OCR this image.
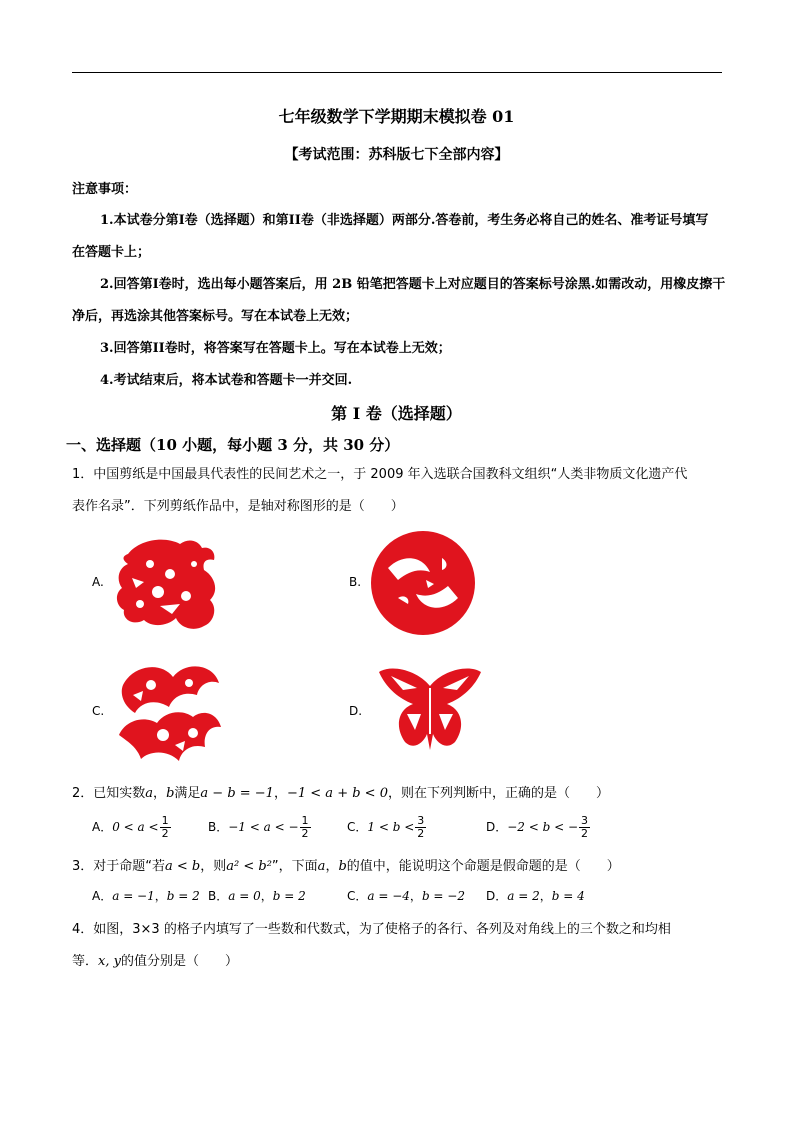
七年级数学下学期期末模拟卷 01
【考试范围：苏科版七下全部内容】
注意事项：
1.本试卷分第I卷（选择题）和第II卷（非选择题）两部分.答卷前，考生务必将自己的姓名、准考证号填写
在答题卡上；
2.回答第I卷时，选出每小题答案后，用 2B 铅笔把答题卡上对应题目的答案标号涂黑.如需改动，用橡皮擦干
净后，再选涂其他答案标号。写在本试卷上无效；
3.回答第II卷时，将答案写在答题卡上。写在本试卷上无效；
4.考试结束后，将本试卷和答题卡一并交回.
第 I 卷（选择题）
一、选择题（10 小题，每小题 3 分，共 30 分）
1．中国剪纸是中国最具代表性的民间艺术之一，于 2009 年入选联合国教科文组织“人类非物质文化遗产代
表作名录”．下列剪纸作品中，是轴对称图形的是（　　）
A.	B.
C.	D.
2．已知实数a，b满足a − b = −1，−1 < a + b < 0，则在下列判断中，正确的是（　　）
A．$0 < a < \frac{1}{2}$	B．−1 < a < − $\frac{1}{2}$	C．$1 < b < \frac{3}{2}$	D．−2 < b < − $\frac{3}{2}$
3．对于命题“若a < b，则a² < b²”，下面a，b的值中，能说明这个命题是假命题的是（　　）
A．a = −1，b = 2 B．a = 0，b = 2	C．a = −4，b = −2 D．a = 2，b = 4
4．如图，3×3 的格子内填写了一些数和代数式，为了使格子的各行、各列及对角线上的三个数之和均相
等．x, y的值分别是（　　）
